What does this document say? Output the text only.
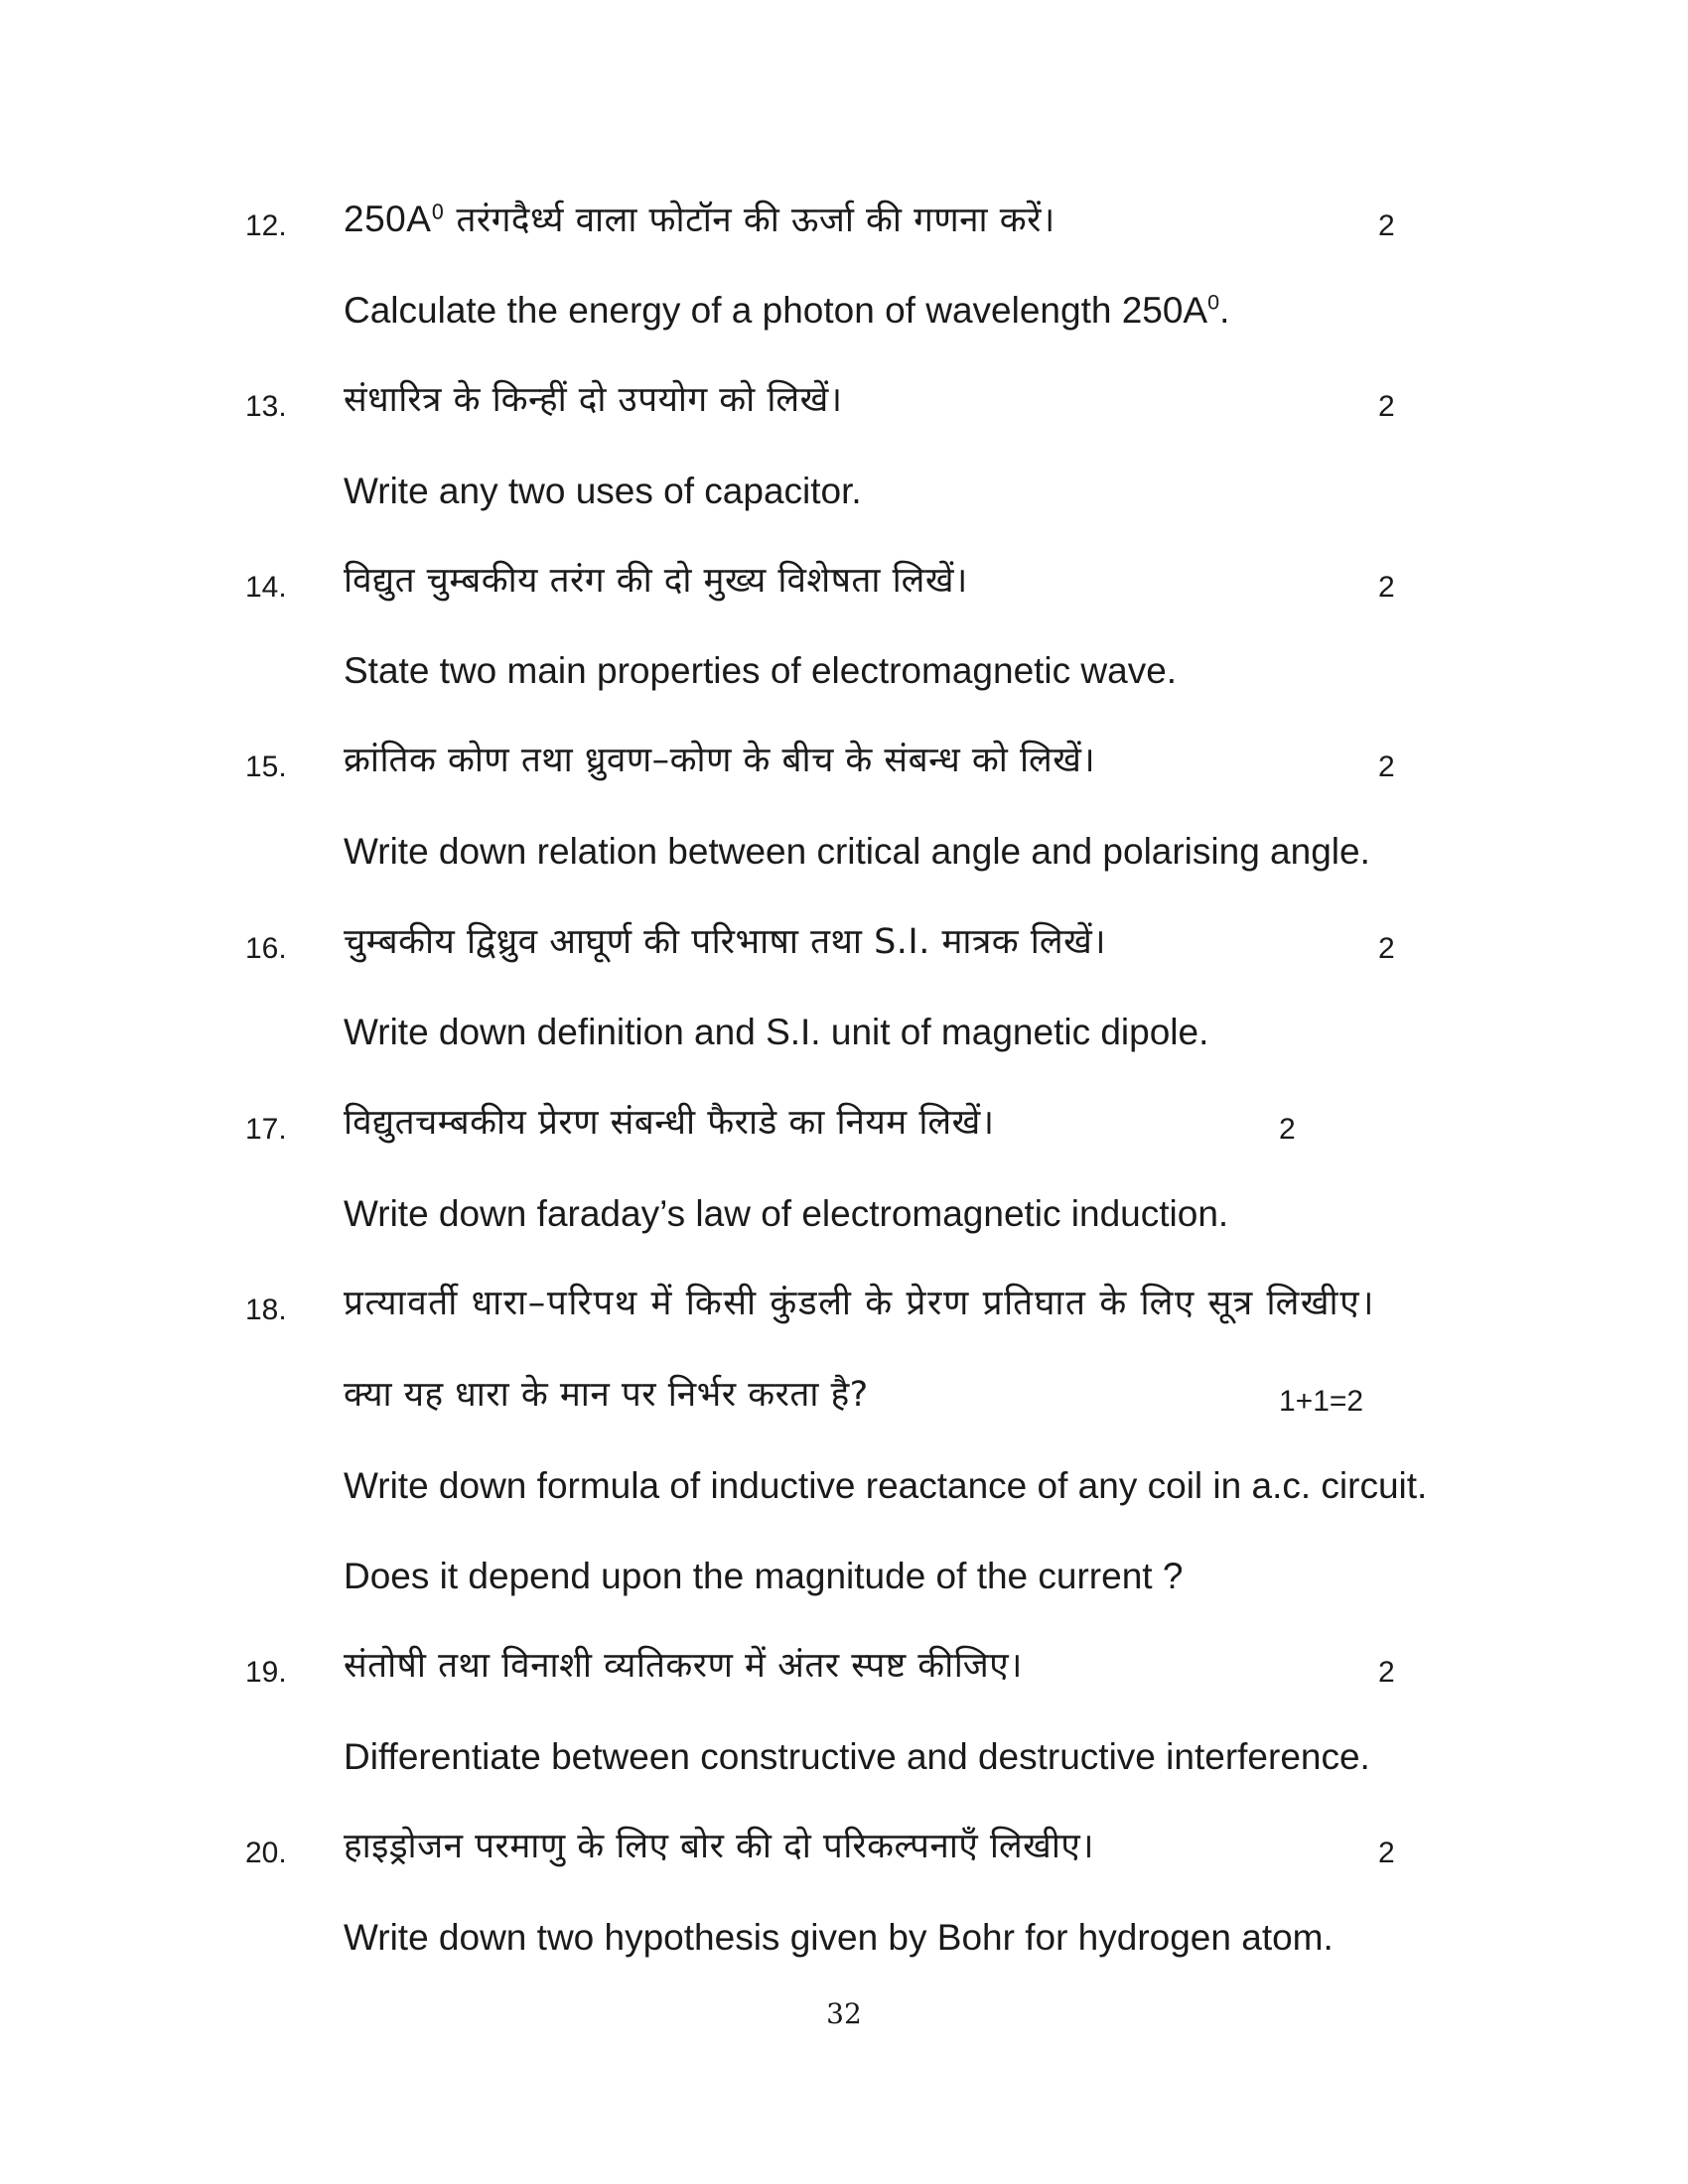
12. $250A^0$ तरंगदैर्ध्य वाला फोटॉन की ऊर्जा की गणना करें।	2
Calculate the energy of a photon of wavelength $250A^0$.
13. संधारित्र के किन्हीं दो उपयोग को लिखें।	2
Write any two uses of capacitor.
14. विद्युत चुम्बकीय तरंग की दो मुख्य विशेषता लिखें।	2
State two main properties of electromagnetic wave.
15. क्रांतिक कोण तथा ध्रुवण–कोण के बीच के संबन्ध को लिखें।	2
Write down relation between critical angle and polarising angle.
16. चुम्बकीय द्विध्रुव आघूर्ण की परिभाषा तथा S.I. मात्रक लिखें।	2
Write down definition and S.I. unit of magnetic dipole.
17. विद्युतचम्बकीय प्रेरण संबन्धी फैराडे का नियम लिखें।	2
Write down faraday’s law of electromagnetic induction.
18. प्रत्यावर्ती धारा–परिपथ में किसी कुंडली के प्रेरण प्रतिघात के लिए सूत्र लिखीए।
क्या यह धारा के मान पर निर्भर करता है?	1+1=2
Write down formula of inductive reactance of any coil in a.c. circuit.
Does it depend upon the magnitude of the current ?
19. संतोषी तथा विनाशी व्यतिकरण में अंतर स्पष्ट कीजिए।	2
Differentiate between constructive and destructive interference.
20. हाइड्रोजन परमाणु के लिए बोर की दो परिकल्पनाएँ लिखीए।	2
Write down two hypothesis given by Bohr for hydrogen atom.
32
